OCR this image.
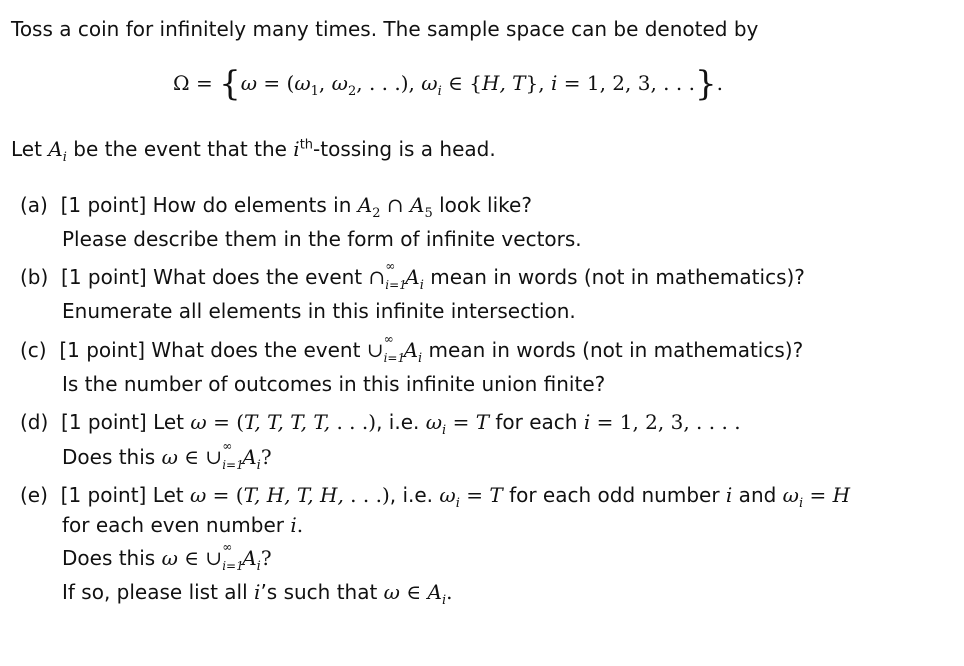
Toss a coin for infinitely many times. The sample space can be denoted by
$\Omega = \{\omega = (\omega_1$, $\omega_2$, . . .), $\omega_i$ ∈ {H, T}, i = 1, 2, 3, . . .}.
Let $A_i$ be the event that the $i^{th}$-tossing is a head.
(a) [1 point] How do elements in $A_2$ ∩ $A_5$ look like?
Please describe them in the form of infinite vectors.
(b) [1 point] What does the event ∩ ∞
i=1
$A_i$ mean in words (not in mathematics)?
Enumerate all elements in this infinite intersection.
(c) [1 point] What does the event ∪ ∞
i=1
$A_i$ mean in words (not in mathematics)?
Is the number of outcomes in this infinite union finite?
(d) [1 point] Let ω = (T, T, T, T, . . .), i.e. $\omega_i = T$ for each i = 1, 2, 3, . . . .
Does this ω ∈ ∪ ∞
i=1
$A_i$?
(e) [1 point] Let ω = (T, H, T, H, . . .), i.e. $\omega_i = T$ for each odd number i and $\omega_i = H$
for each even number i.
Does this ω ∈ ∪ ∞
i=1
$A_i$?
If so, please list all i’s such that ω ∈ $A_i$.
